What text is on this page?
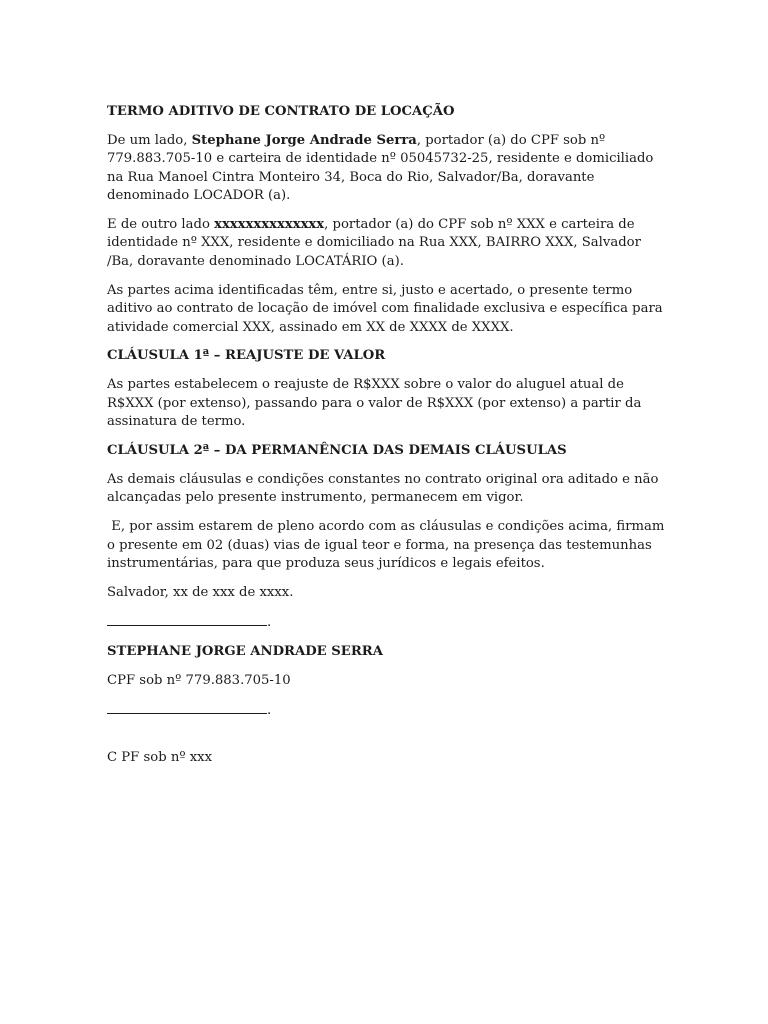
TERMO ADITIVO DE CONTRATO DE LOCAÇÃO

De um lado, Stephane Jorge Andrade Serra, portador (a) do CPF sob nº 779.883.705-10 e carteira de identidade nº 05045732-25, residente e domiciliado na Rua Manoel Cintra Monteiro 34, Boca do Rio, Salvador/Ba, doravante denominado LOCADOR (a).

E de outro lado xxxxxxxxxxxxxx, portador (a) do CPF sob nº XXX e carteira de identidade nº XXX, residente e domiciliado na Rua XXX, BAIRRO XXX, Salvador /Ba, doravante denominado LOCATÁRIO (a).

As partes acima identificadas têm, entre si, justo e acertado, o presente termo aditivo ao contrato de locação de imóvel com finalidade exclusiva e específica para atividade comercial XXX, assinado em XX de XXXX de XXXX.

CLÁUSULA 1ª – REAJUSTE DE VALOR

As partes estabelecem o reajuste de R$XXX sobre o valor do aluguel atual de R$XXX (por extenso), passando para o valor de R$XXX (por extenso) a partir da assinatura de termo.

CLÁUSULA 2ª – DA PERMANÊNCIA DAS DEMAIS CLÁUSULAS

As demais cláusulas e condições constantes no contrato original ora aditado e não alcançadas pelo presente instrumento, permanecem em vigor.

E, por assim estarem de pleno acordo com as cláusulas e condições acima, firmam o presente em 02 (duas) vias de igual teor e forma, na presença das testemunhas instrumentárias, para que produza seus jurídicos e legais efeitos.

Salvador, xx de xxx de xxxx.

.

STEPHANE JORGE ANDRADE SERRA

CPF sob nº 779.883.705-10

.

C PF sob nº xxx
